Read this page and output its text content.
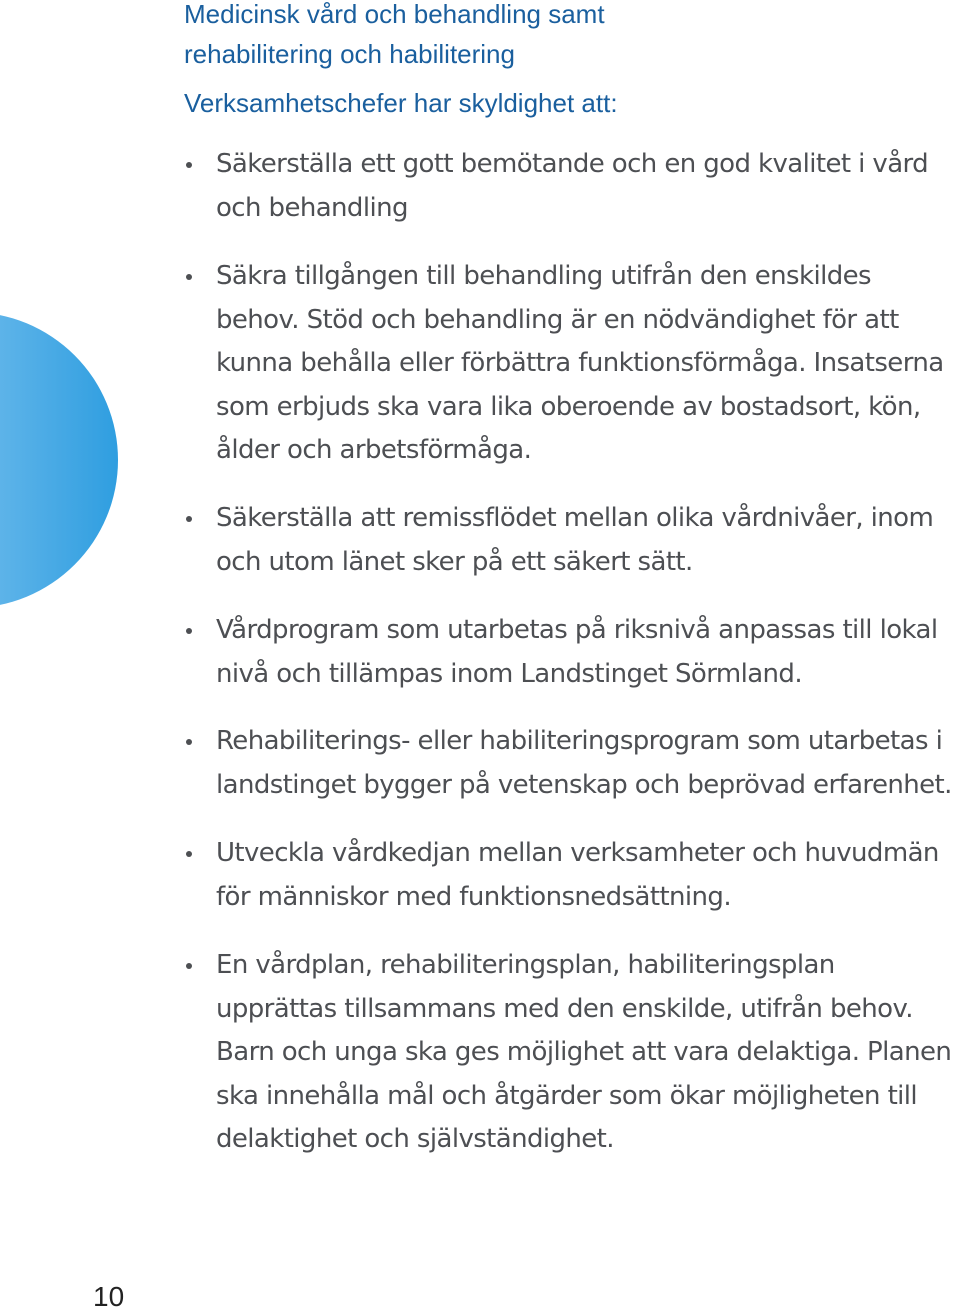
Medicinsk vård och behandling samt
rehabilitering och habilitering

Verksamhetschefer har skyldighet att:

Säkerställa ett gott bemötande och en god kvalitet i vård
och behandling
Säkra tillgången till behandling utifrån den enskildes
behov. Stöd och behandling är en nödvändighet för att
kunna behålla eller förbättra funktionsförmåga. Insatserna
som erbjuds ska vara lika oberoende av bostadsort, kön,
ålder och arbetsförmåga.
Säkerställa att remissflödet mellan olika vårdnivåer, inom
och utom länet sker på ett säkert sätt.
Vårdprogram som utarbetas på riksnivå anpassas till lokal
nivå och tillämpas inom Landstinget Sörmland.
Rehabiliterings- eller habiliteringsprogram som utarbetas i
landstinget bygger på vetenskap och beprövad erfarenhet.
Utveckla vårdkedjan mellan verksamheter och huvudmän
för människor med funktionsnedsättning.
En vårdplan, rehabiliteringsplan, habiliteringsplan
upprättas tillsammans med den enskilde, utifrån behov.
Barn och unga ska ges möjlighet att vara delaktiga. Planen
ska innehålla mål och åtgärder som ökar möjligheten till
delaktighet och självständighet.
10
